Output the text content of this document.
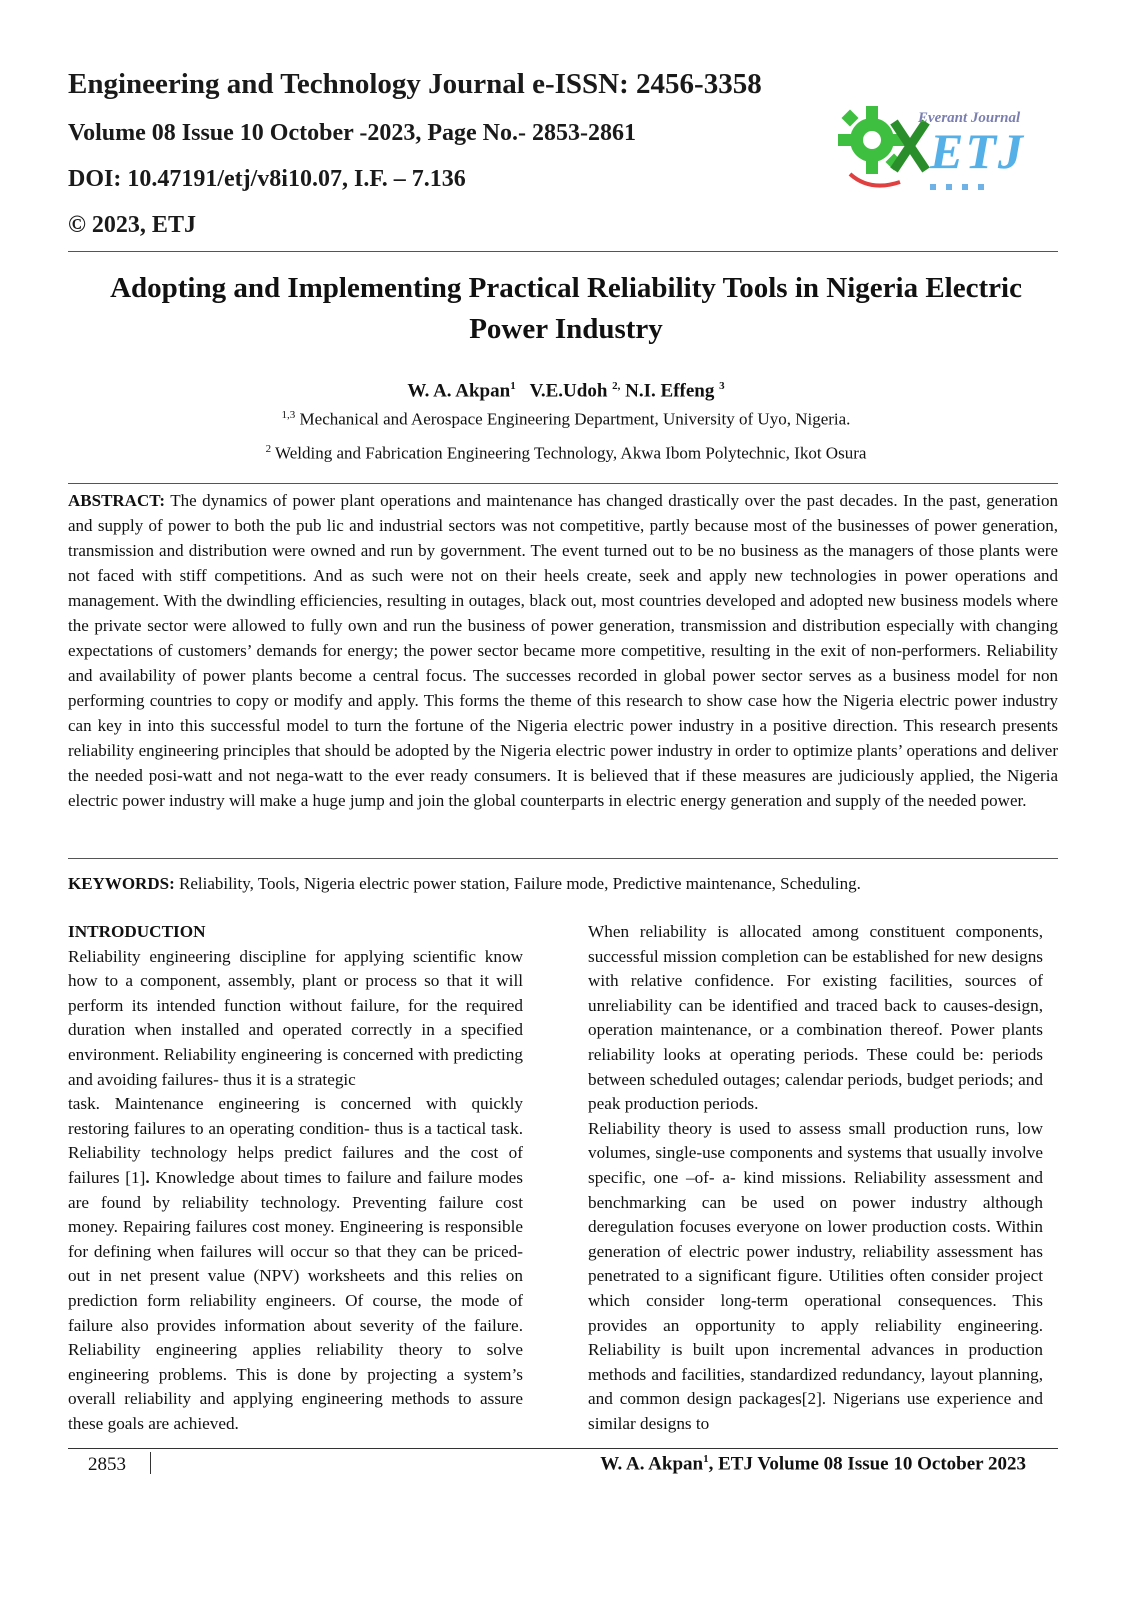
Engineering and Technology Journal e-ISSN: 2456-3358
Volume 08 Issue 10 October -2023, Page No.- 2853-2861
DOI: 10.47191/etj/v8i10.07, I.F. – 7.136
© 2023, ETJ
Everant Journal
ETJ
Adopting and Implementing Practical Reliability Tools in Nigeria Electric Power Industry
W. A. Akpan$^1$ V.E.Udoh $^{2,}$ N.I. Effeng $^3$
$^{1,3}$ Mechanical and Aerospace Engineering Department, University of Uyo, Nigeria.
$^2$ Welding and Fabrication Engineering Technology, Akwa Ibom Polytechnic, Ikot Osura
ABSTRACT: The dynamics of power plant operations and maintenance has changed drastically over the past decades. In the past, generation and supply of power to both the pub lic and industrial sectors was not competitive, partly because most of the businesses of power generation, transmission and distribution were owned and run by government. The event turned out to be no business as the managers of those plants were not faced with stiff competitions. And as such were not on their heels create, seek and apply new technologies in power operations and management. With the dwindling efficiencies, resulting in outages, black out, most countries developed and adopted new business models where the private sector were allowed to fully own and run the business of power generation, transmission and distribution especially with changing expectations of customers’ demands for energy; the power sector became more competitive, resulting in the exit of non-performers. Reliability and availability of power plants become a central focus. The successes recorded in global power sector serves as a business model for non performing countries to copy or modify and apply. This forms the theme of this research to show case how the Nigeria electric power industry can key in into this successful model to turn the fortune of the Nigeria electric power industry in a positive direction. This research presents reliability engineering principles that should be adopted by the Nigeria electric power industry in order to optimize plants’ operations and deliver the needed posi-watt and not nega-watt to the ever ready consumers. It is believed that if these measures are judiciously applied, the Nigeria electric power industry will make a huge jump and join the global counterparts in electric energy generation and supply of the needed power.
KEYWORDS: Reliability, Tools, Nigeria electric power station, Failure mode, Predictive maintenance, Scheduling.

INTRODUCTION

Reliability engineering discipline for applying scientific know how to a component, assembly, plant or process so that it will perform its intended function without failure, for the required duration when installed and operated correctly in a specified environment. Reliability engineering is concerned with predicting and avoiding failures- thus it is a strategic

task. Maintenance engineering is concerned with quickly restoring failures to an operating condition- thus is a tactical task. Reliability technology helps predict failures and the cost of failures [1]. Knowledge about times to failure and failure modes are found by reliability technology. Preventing failure cost money. Repairing failures cost money. Engineering is responsible for defining when failures will occur so that they can be priced-out in net present value (NPV) worksheets and this relies on prediction form reliability engineers. Of course, the mode of failure also provides information about severity of the failure. Reliability engineering applies reliability theory to solve engineering problems. This is done by projecting a system’s overall reliability and applying engineering methods to assure these goals are achieved.

When reliability is allocated among constituent components, successful mission completion can be established for new designs with relative confidence. For existing facilities, sources of unreliability can be identified and traced back to causes-design, operation maintenance, or a combination thereof. Power plants reliability looks at operating periods. These could be: periods between scheduled outages; calendar periods, budget periods; and peak production periods.

Reliability theory is used to assess small production runs, low volumes, single-use components and systems that usually involve specific, one –of- a- kind missions. Reliability assessment and benchmarking can be used on power industry although deregulation focuses everyone on lower production costs. Within generation of electric power industry, reliability assessment has penetrated to a significant figure. Utilities often consider project which consider long-term operational consequences. This provides an opportunity to apply reliability engineering. Reliability is built upon incremental advances in production methods and facilities, standardized redundancy, layout planning, and common design packages[2]. Nigerians use experience and similar designs to

2853	W. A. Akpan$^1$, ETJ Volume 08 Issue 10 October 2023
